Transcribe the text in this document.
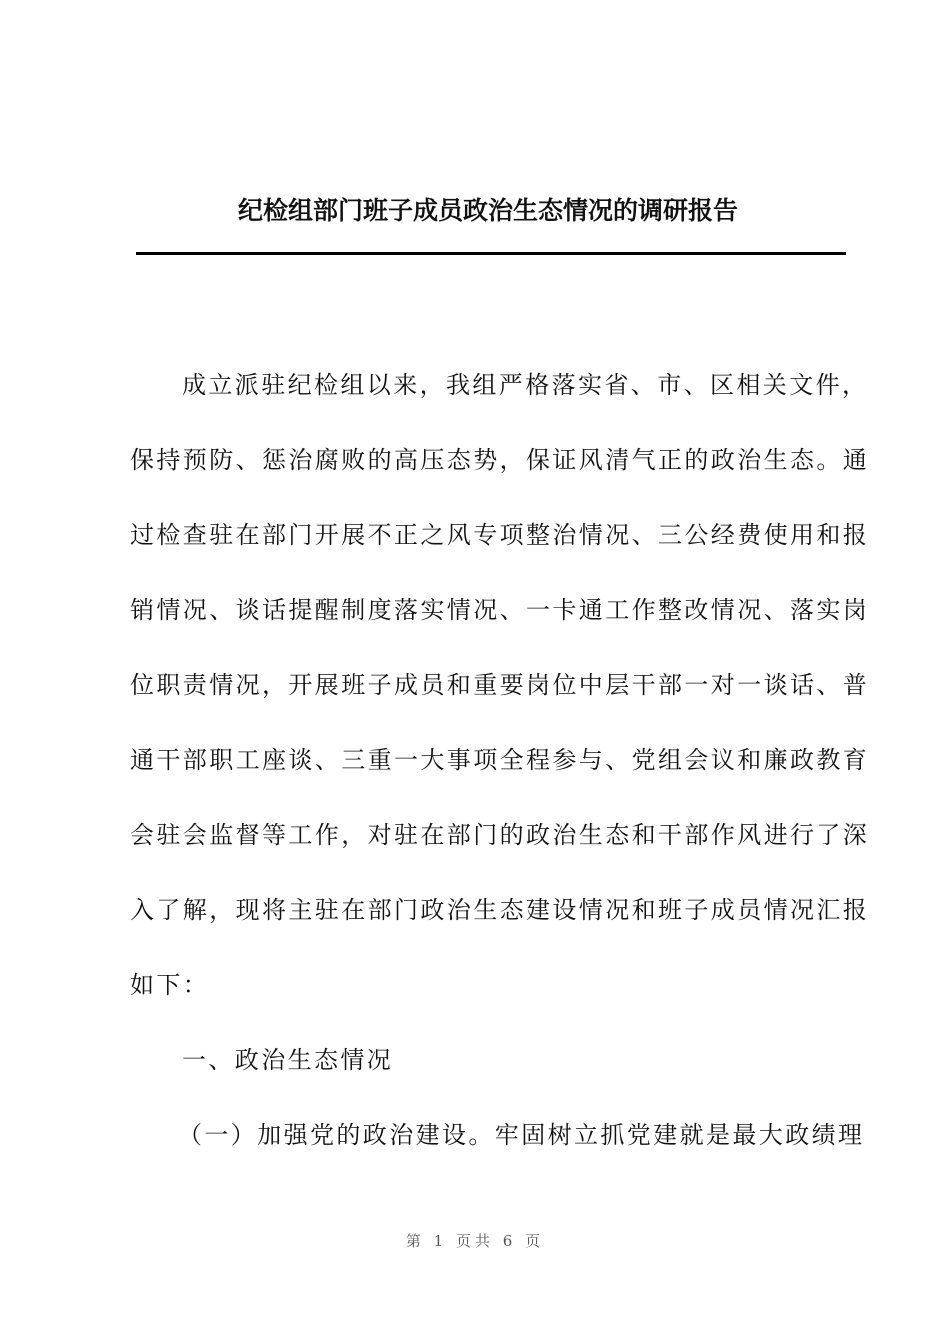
纪检组部门班子成员政治生态情况的调研报告
成立派驻纪检组以来，我组严格落实省、市、区相关文件，
保持预防、惩治腐败的高压态势，保证风清气正的政治生态。通
过检查驻在部门开展不正之风专项整治情况、三公经费使用和报
销情况、谈话提醒制度落实情况、一卡通工作整改情况、落实岗
位职责情况，开展班子成员和重要岗位中层干部一对一谈话、普
通干部职工座谈、三重一大事项全程参与、党组会议和廉政教育
会驻会监督等工作，对驻在部门的政治生态和干部作风进行了深
入了解，现将主驻在部门政治生态建设情况和班子成员情况汇报
如下：
一、政治生态情况
（一）加强党的政治建设。牢固树立抓党建就是最大政绩理
第 1 页共 6 页
